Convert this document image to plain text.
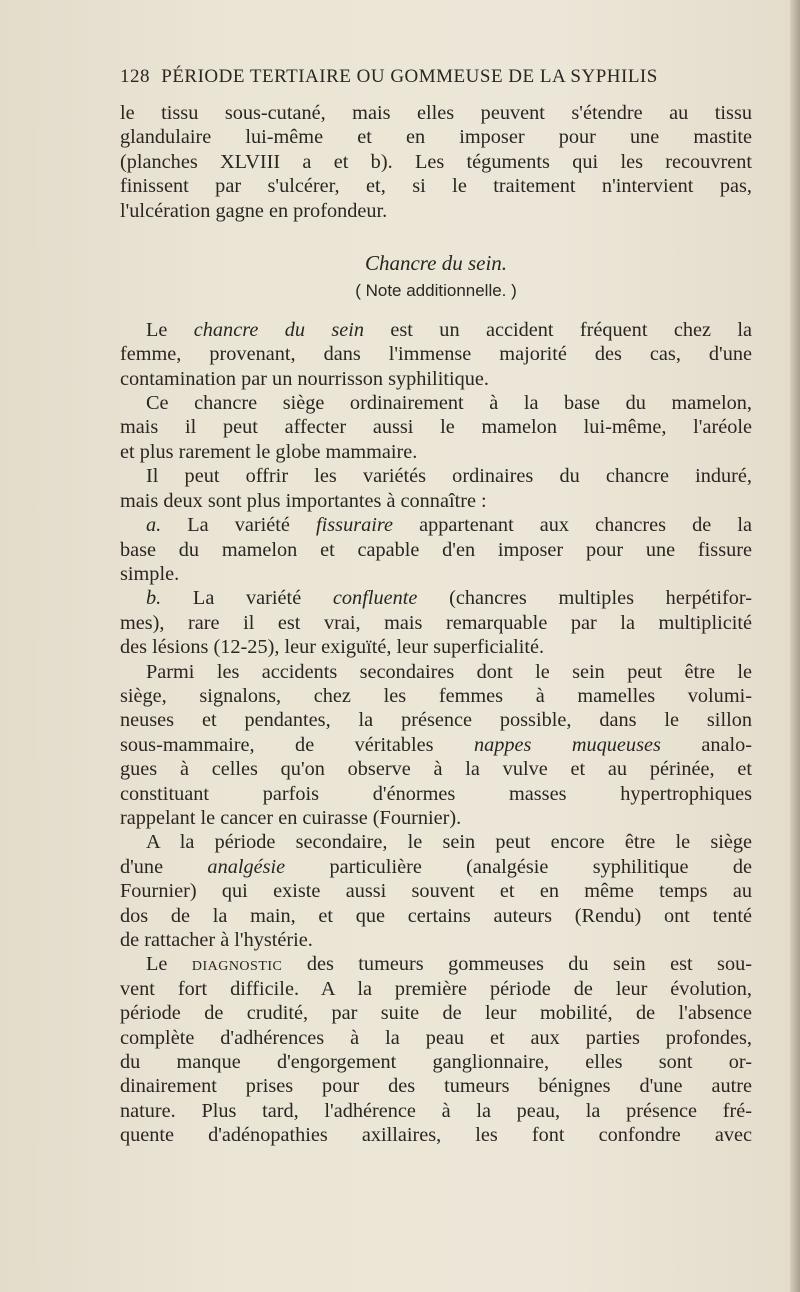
128 PÉRIODE TERTIAIRE OU GOMMEUSE DE LA SYPHILIS

le tissu sous-cutané, mais elles peuvent s'étendre au tissu

glandulaire lui-même et en imposer pour une mastite

(planches XLVIII a et b). Les téguments qui les recouvrent

finissent par s'ulcérer, et, si le traitement n'intervient pas,

l'ulcération gagne en profondeur.

Chancre du sein.

( Note additionnelle. )

Le chancre du sein est un accident fréquent chez la

femme, provenant, dans l'immense majorité des cas, d'une

contamination par un nourrisson syphilitique.

Ce chancre siège ordinairement à la base du mamelon,

mais il peut affecter aussi le mamelon lui-même, l'aréole

et plus rarement le globe mammaire.

Il peut offrir les variétés ordinaires du chancre induré,

mais deux sont plus importantes à connaître :

a. La variété fissuraire appartenant aux chancres de la

base du mamelon et capable d'en imposer pour une fissure

simple.

b. La variété confluente (chancres multiples herpétifor-

mes), rare il est vrai, mais remarquable par la multiplicité

des lésions (12-25), leur exiguïté, leur superficialité.

Parmi les accidents secondaires dont le sein peut être le

siège, signalons, chez les femmes à mamelles volumi-

neuses et pendantes, la présence possible, dans le sillon

sous-mammaire, de véritables nappes muqueuses analo-

gues à celles qu'on observe à la vulve et au périnée, et

constituant parfois d'énormes masses hypertrophiques

rappelant le cancer en cuirasse (Fournier).

A la période secondaire, le sein peut encore être le siège

d'une analgésie particulière (analgésie syphilitique de

Fournier) qui existe aussi souvent et en même temps au

dos de la main, et que certains auteurs (Rendu) ont tenté

de rattacher à l'hystérie.

Le diagnostic des tumeurs gommeuses du sein est sou-

vent fort difficile. A la première période de leur évolution,

période de crudité, par suite de leur mobilité, de l'absence

complète d'adhérences à la peau et aux parties profondes,

du manque d'engorgement ganglionnaire, elles sont or-

dinairement prises pour des tumeurs bénignes d'une autre

nature. Plus tard, l'adhérence à la peau, la présence fré-

quente d'adénopathies axillaires, les font confondre avec
